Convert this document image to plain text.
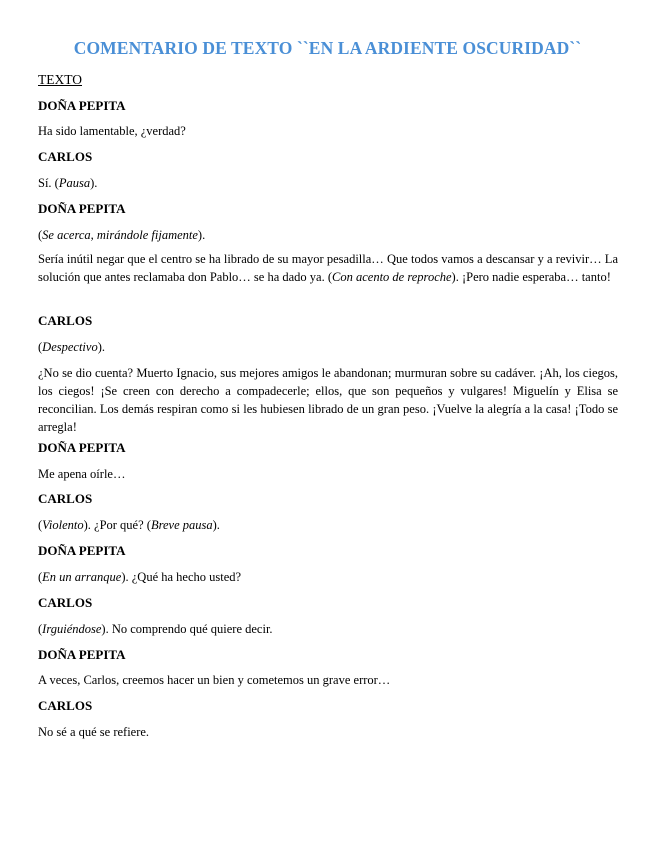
COMENTARIO DE TEXTO ``EN LA ARDIENTE OSCURIDAD``
TEXTO
DOÑA PEPITA
Ha sido lamentable, ¿verdad?
CARLOS
Sí. (Pausa).
DOÑA PEPITA
(Se acerca, mirándole fijamente).
Sería inútil negar que el centro se ha librado de su mayor pesadilla… Que todos vamos a descansar y a revivir… La solución que antes reclamaba don Pablo… se ha dado ya. (Con acento de reproche). ¡Pero nadie esperaba… tanto!
CARLOS
(Despectivo).
¿No se dio cuenta? Muerto Ignacio, sus mejores amigos le abandonan; murmuran sobre su cadáver. ¡Ah, los ciegos, los ciegos! ¡Se creen con derecho a compadecerle; ellos, que son pequeños y vulgares! Miguelín y Elisa se reconcilian. Los demás respiran como si les hubiesen librado de un gran peso. ¡Vuelve la alegría a la casa! ¡Todo se arregla!
DOÑA PEPITA
Me apena oírle…
CARLOS
(Violento). ¿Por qué? (Breve pausa).
DOÑA PEPITA
(En un arranque). ¿Qué ha hecho usted?
CARLOS
(Irguiéndose). No comprendo qué quiere decir.
DOÑA PEPITA
A veces, Carlos, creemos hacer un bien y cometemos un grave error…
CARLOS
No sé a qué se refiere.
